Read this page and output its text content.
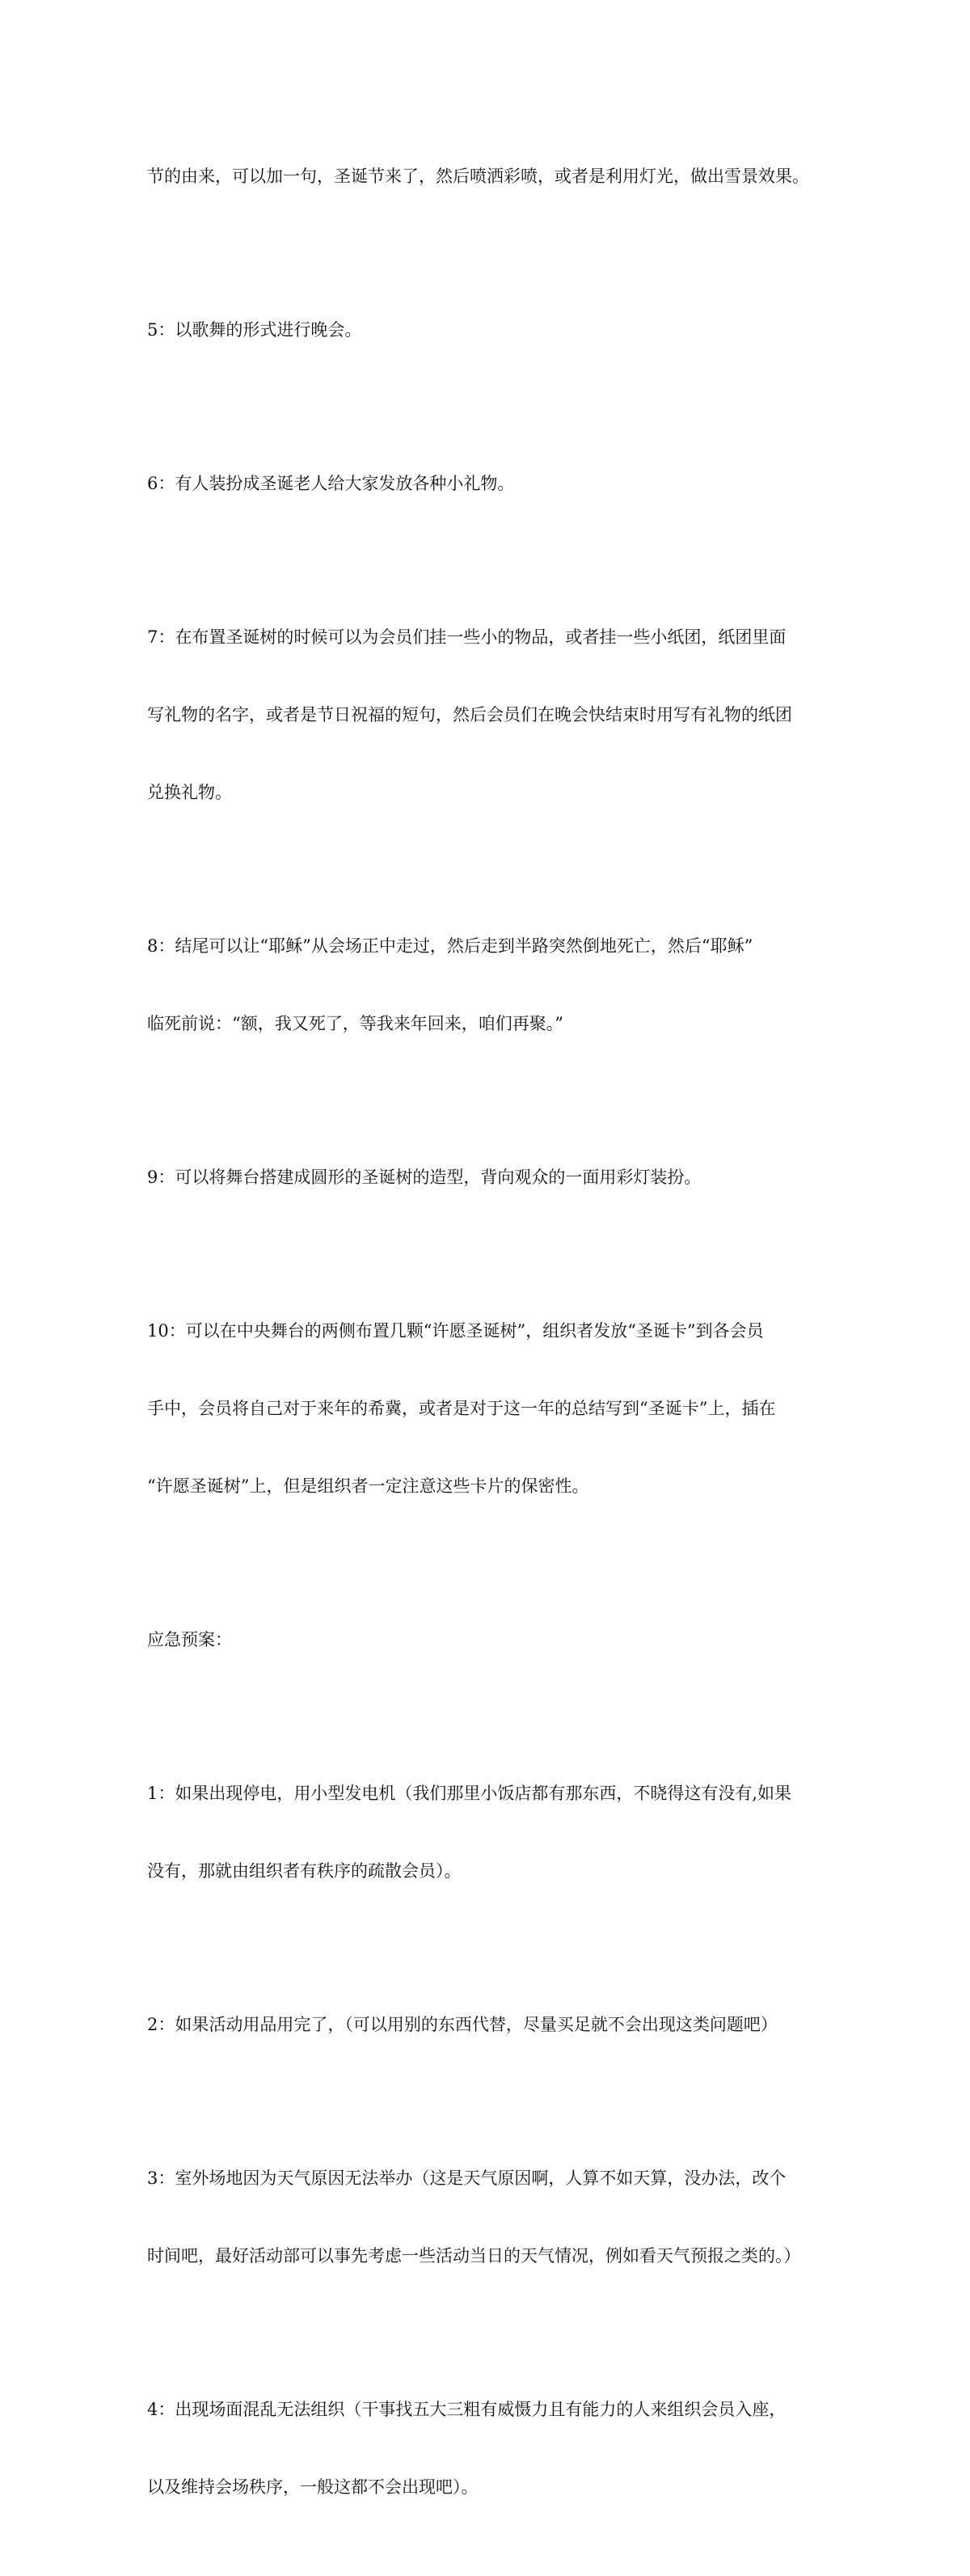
节的由来，可以加一句，圣诞节来了，然后喷洒彩喷，或者是利用灯光，做出雪景效果。

5：以歌舞的形式进行晚会。

6：有人装扮成圣诞老人给大家发放各种小礼物。

7：在布置圣诞树的时候可以为会员们挂一些小的物品，或者挂一些小纸团，纸团里面

写礼物的名字，或者是节日祝福的短句，然后会员们在晚会快结束时用写有礼物的纸团

兑换礼物。

8：结尾可以让“耶稣”从会场正中走过，然后走到半路突然倒地死亡，然后“耶稣”

临死前说：“额，我又死了，等我来年回来，咱们再聚。”

9：可以将舞台搭建成圆形的圣诞树的造型，背向观众的一面用彩灯装扮。

10：可以在中央舞台的两侧布置几颗“许愿圣诞树”，组织者发放“圣诞卡”到各会员

手中，会员将自己对于来年的希冀，或者是对于这一年的总结写到“圣诞卡”上，插在

“许愿圣诞树”上，但是组织者一定注意这些卡片的保密性。

应急预案：

1：如果出现停电，用小型发电机（我们那里小饭店都有那东西，不晓得这有没有,如果

没有，那就由组织者有秩序的疏散会员）。

2：如果活动用品用完了，（可以用别的东西代替，尽量买足就不会出现这类问题吧）

3：室外场地因为天气原因无法举办（这是天气原因啊，人算不如天算，没办法，改个

时间吧，最好活动部可以事先考虑一些活动当日的天气情况，例如看天气预报之类的。）

4：出现场面混乱无法组织（干事找五大三粗有威慑力且有能力的人来组织会员入座，

以及维持会场秩序，一般这都不会出现吧）。
